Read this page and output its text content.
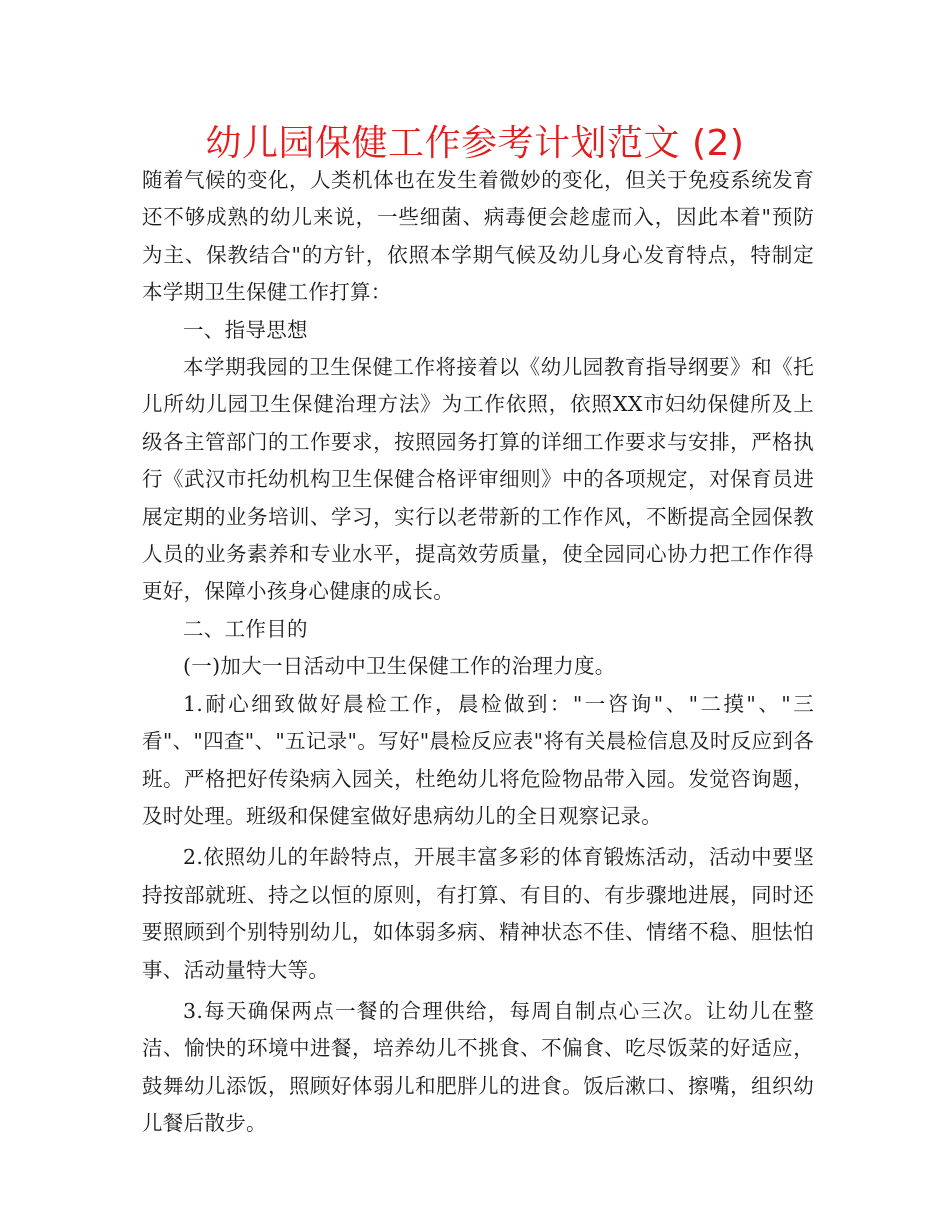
幼儿园保健工作参考计划范文 (2)

随着气候的变化，人类机体也在发生着微妙的变化，但关于免疫系统发育还不够成熟的幼儿来说，一些细菌、病毒便会趁虚而入，因此本着"预防为主、保教结合"的方针，依照本学期气候及幼儿身心发育特点，特制定本学期卫生保健工作打算：

一、指导思想

本学期我园的卫生保健工作将接着以《幼儿园教育指导纲要》和《托儿所幼儿园卫生保健治理方法》为工作依照，依照XX市妇幼保健所及上级各主管部门的工作要求，按照园务打算的详细工作要求与安排，严格执行《武汉市托幼机构卫生保健合格评审细则》中的各项规定，对保育员进展定期的业务培训、学习，实行以老带新的工作作风，不断提高全园保教人员的业务素养和专业水平，提高效劳质量，使全园同心协力把工作作得更好，保障小孩身心健康的成长。

二、工作目的

(一)加大一日活动中卫生保健工作的治理力度。

1.耐心细致做好晨检工作，晨检做到："一咨询"、"二摸"、"三看"、"四查"、"五记录"。写好"晨检反应表"将有关晨检信息及时反应到各班。严格把好传染病入园关，杜绝幼儿将危险物品带入园。发觉咨询题，及时处理。班级和保健室做好患病幼儿的全日观察记录。

2.依照幼儿的年龄特点，开展丰富多彩的体育锻炼活动，活动中要坚持按部就班、持之以恒的原则，有打算、有目的、有步骤地进展，同时还要照顾到个别特别幼儿，如体弱多病、精神状态不佳、情绪不稳、胆怯怕事、活动量特大等。

3.每天确保两点一餐的合理供给，每周自制点心三次。让幼儿在整洁、愉快的环境中进餐，培养幼儿不挑食、不偏食、吃尽饭菜的好适应，鼓舞幼儿添饭，照顾好体弱儿和肥胖儿的进食。饭后漱口、擦嘴，组织幼儿餐后散步。
